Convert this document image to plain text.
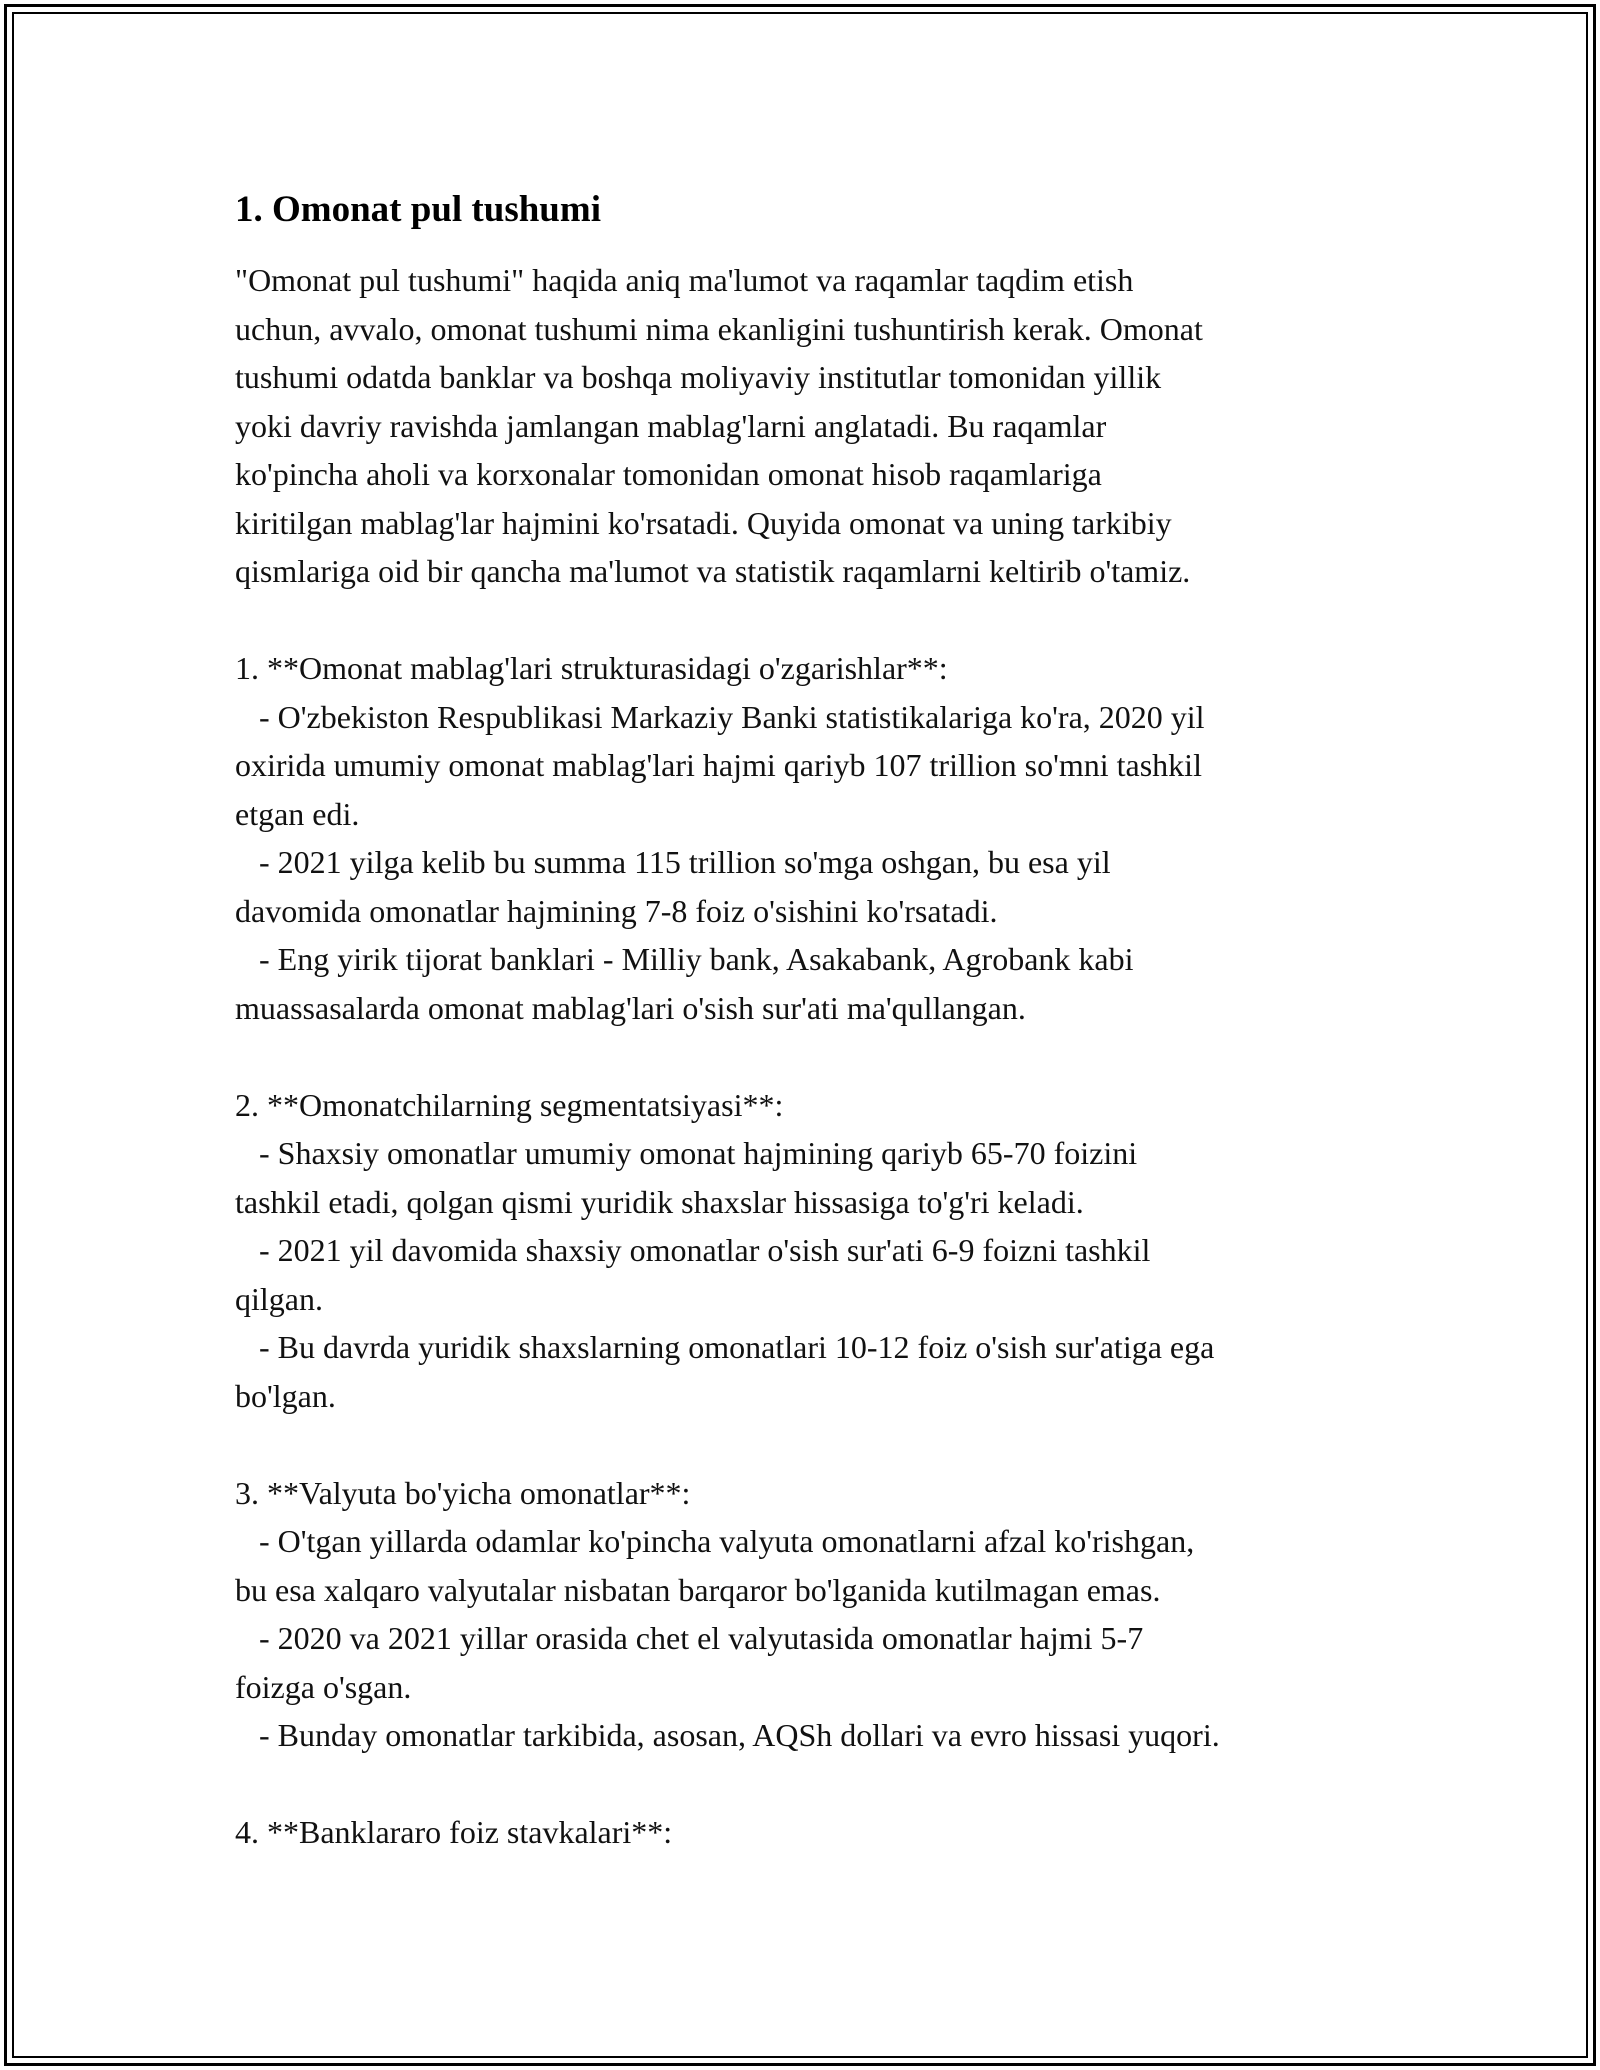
1. Omonat pul tushumi

"Omonat pul tushumi" haqida aniq ma'lumot va raqamlar taqdim etish
uchun, avvalo, omonat tushumi nima ekanligini tushuntirish kerak. Omonat
tushumi odatda banklar va boshqa moliyaviy institutlar tomonidan yillik
yoki davriy ravishda jamlangan mablag'larni anglatadi. Bu raqamlar
ko'pincha aholi va korxonalar tomonidan omonat hisob raqamlariga
kiritilgan mablag'lar hajmini ko'rsatadi. Quyida omonat va uning tarkibiy
qismlariga oid bir qancha ma'lumot va statistik raqamlarni keltirib o'tamiz.

1. **Omonat mablag'lari strukturasidagi o'zgarishlar**:

- O'zbekiston Respublikasi Markaziy Banki statistikalariga ko'ra, 2020 yil
oxirida umumiy omonat mablag'lari hajmi qariyb 107 trillion so'mni tashkil
etgan edi.

- 2021 yilga kelib bu summa 115 trillion so'mga oshgan, bu esa yil
davomida omonatlar hajmining 7-8 foiz o'sishini ko'rsatadi.

- Eng yirik tijorat banklari - Milliy bank, Asakabank, Agrobank kabi
muassasalarda omonat mablag'lari o'sish sur'ati ma'qullangan.

2. **Omonatchilarning segmentatsiyasi**:

- Shaxsiy omonatlar umumiy omonat hajmining qariyb 65-70 foizini
tashkil etadi, qolgan qismi yuridik shaxslar hissasiga to'g'ri keladi.

- 2021 yil davomida shaxsiy omonatlar o'sish sur'ati 6-9 foizni tashkil
qilgan.

- Bu davrda yuridik shaxslarning omonatlari 10-12 foiz o'sish sur'atiga ega
bo'lgan.

3. **Valyuta bo'yicha omonatlar**:

- O'tgan yillarda odamlar ko'pincha valyuta omonatlarni afzal ko'rishgan,
bu esa xalqaro valyutalar nisbatan barqaror bo'lganida kutilmagan emas.

- 2020 va 2021 yillar orasida chet el valyutasida omonatlar hajmi 5-7
foizga o'sgan.

- Bunday omonatlar tarkibida, asosan, AQSh dollari va evro hissasi yuqori.

4. **Banklararo foiz stavkalari**:
